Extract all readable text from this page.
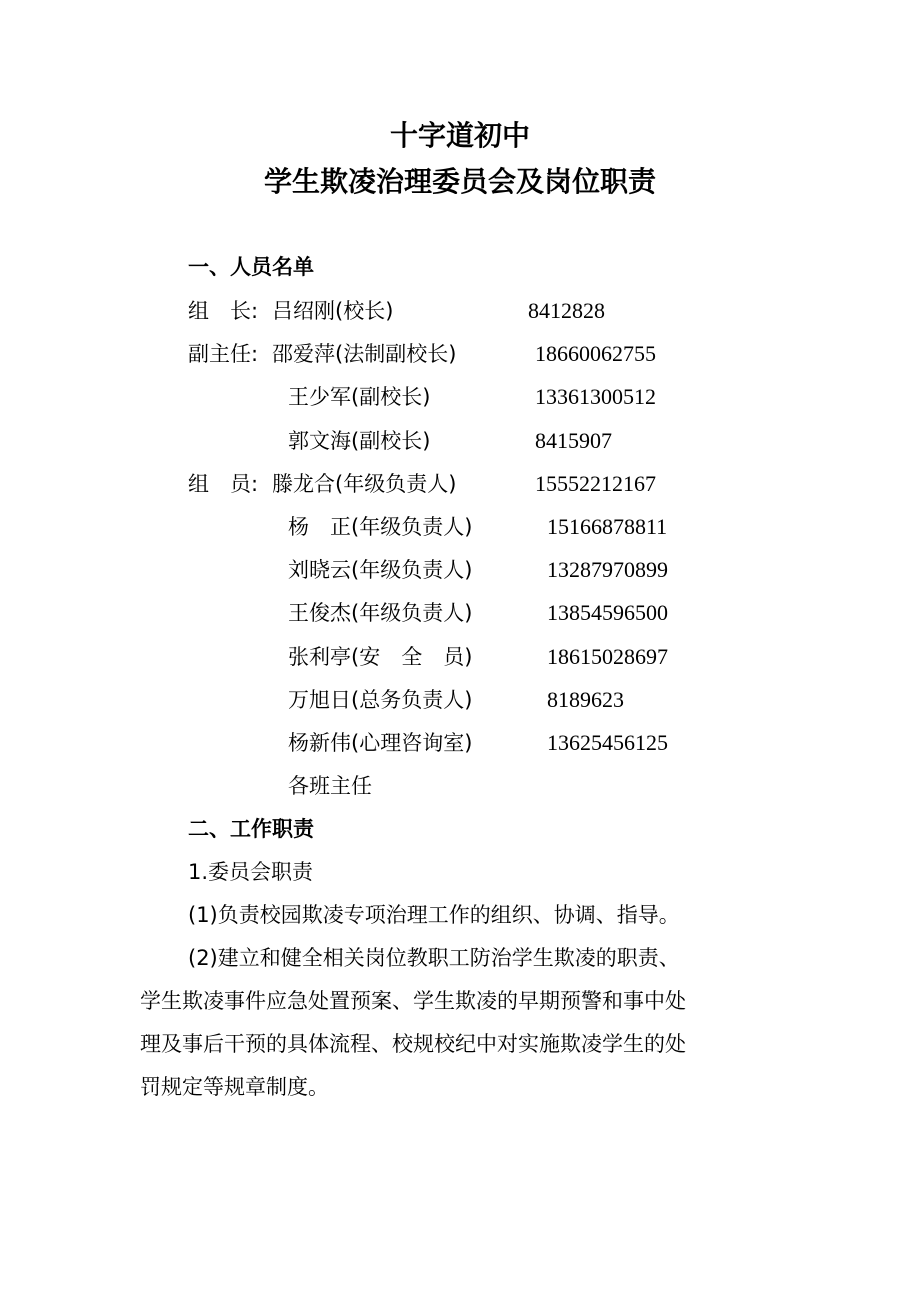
十字道初中
学生欺凌治理委员会及岗位职责
一、人员名单
组　长: 吕绍刚(校长)	8412828
副主任: 邵爱萍(法制副校长)	18660062755
王少军(副校长)	13361300512
郭文海(副校长)	8415907
组　员: 滕龙合(年级负责人)	15552212167
杨　正(年级负责人)	15166878811
刘晓云(年级负责人)	13287970899
王俊杰(年级负责人)	13854596500
张利亭(安　全　员)	18615028697
万旭日(总务负责人)	8189623
杨新伟(心理咨询室)	13625456125
各班主任
二、工作职责
1.委员会职责
(1)负责校园欺凌专项治理工作的组织、协调、指导。
(2)建立和健全相关岗位教职工防治学生欺凌的职责、
学生欺凌事件应急处置预案、学生欺凌的早期预警和事中处
理及事后干预的具体流程、校规校纪中对实施欺凌学生的处
罚规定等规章制度。
